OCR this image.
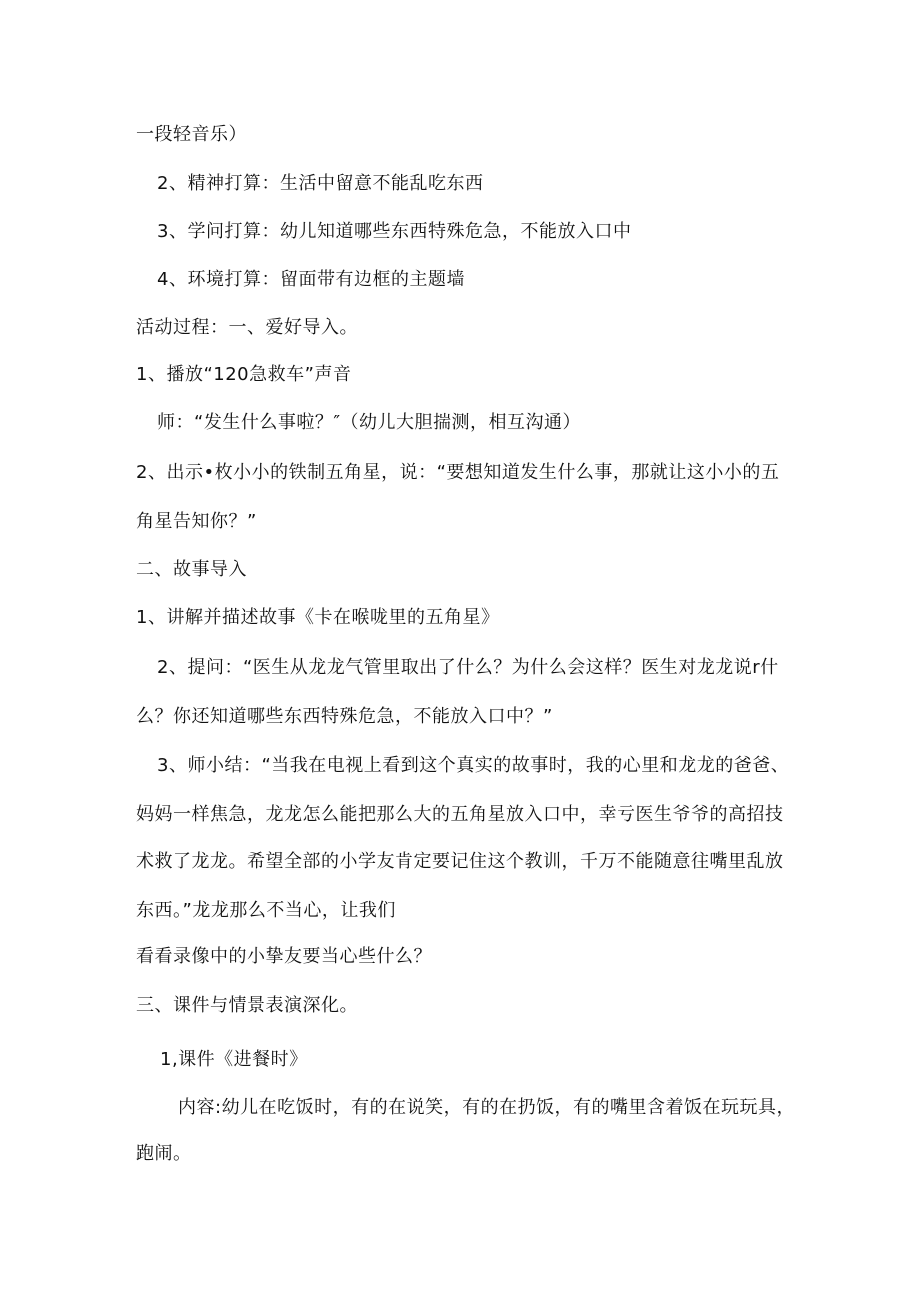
一段轻音乐）
2、精神打算：生活中留意不能乱吃东西
3、学问打算：幼儿知道哪些东西特殊危急，不能放入口中
4、环境打算：留面带有边框的主题墙
活动过程：一、爱好导入。
1、播放“120急救车”声音
师：“发生什么事啦？″（幼儿大胆揣测，相互沟通）
2、出示•枚小小的铁制五角星，说：“要想知道发生什么事，那就让这小小的五
角星告知你？”
二、故事导入
1、讲解并描述故事《卡在喉咙里的五角星》
2、提问：“医生从龙龙气管里取出了什么？为什么会这样？医生对龙龙说r什
么？你还知道哪些东西特殊危急，不能放入口中？”
3、师小结：“当我在电视上看到这个真实的故事时，我的心里和龙龙的爸爸、
妈妈一样焦急，龙龙怎么能把那么大的五角星放入口中，幸亏医生爷爷的高招技
术救了龙龙。希望全部的小学友肯定要记住这个教训，千万不能随意往嘴里乱放
东西。”龙龙那么不当心，让我们
看看录像中的小挚友要当心些什么？
三、课件与情景表演深化。
1,课件《进餐时》
内容:幼儿在吃饭时，有的在说笑，有的在扔饭，有的嘴里含着饭在玩玩具，
跑闹。
